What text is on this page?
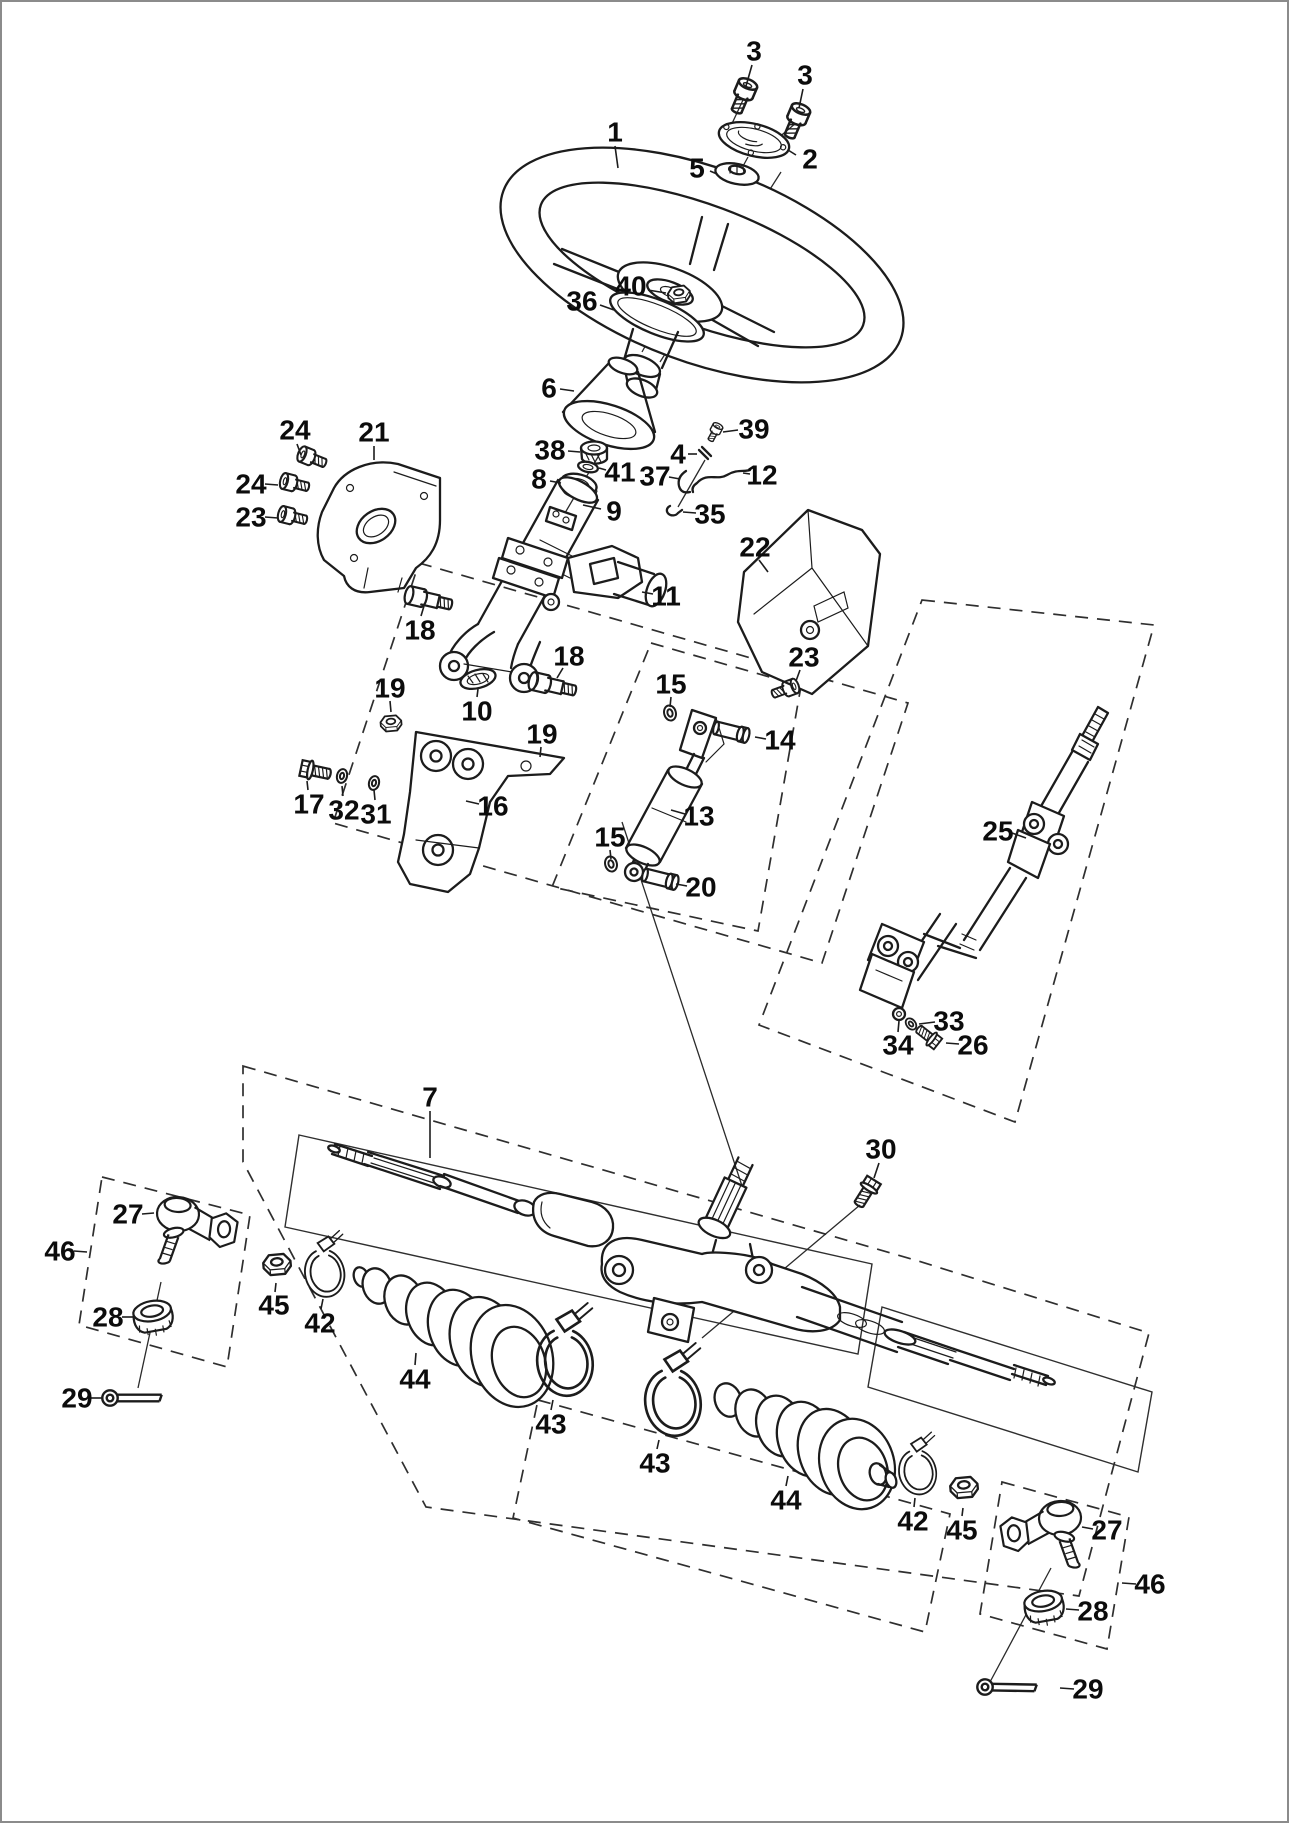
3
3
1
2
5
40
36
6
38
41
8
4
39
37	12
9	35
24 21
24
23
22
11
18
23
18
15
10
19
14
19
17 32 31	16	13	25
15
20
33
34 26
7
30
27
46
28	45
42
29
44
43
43
44
42 45	27
46
28
29
